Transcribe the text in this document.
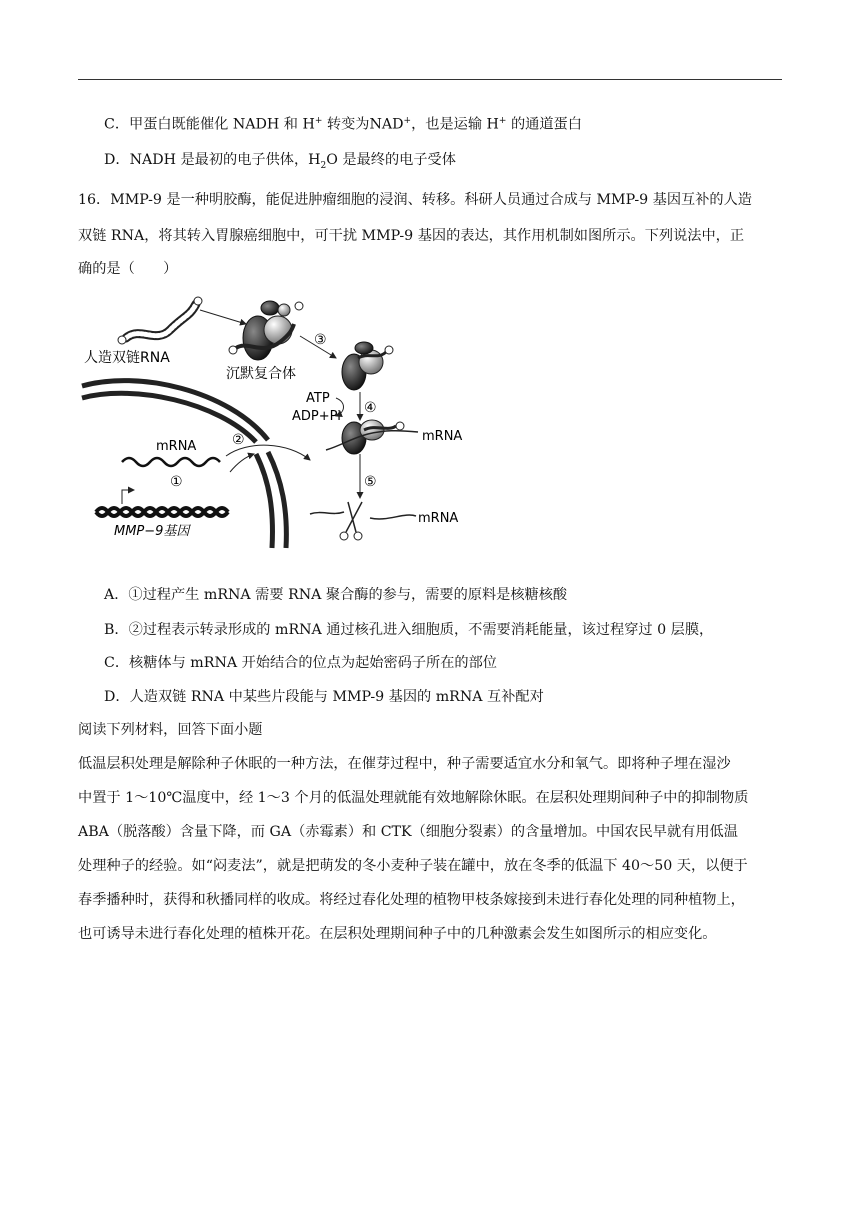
C．甲蛋白既能催化 NADH 和 H+ 转变为NAD+，也是运输 H+ 的通道蛋白
D．NADH 是最初的电子供体，$H_2O$ 是最终的电子受体
16．MMP-9 是一种明胶酶，能促进肿瘤细胞的浸润、转移。科研人员通过合成与 MMP-9 基因互补的人造
双链 RNA，将其转入胃腺癌细胞中，可干扰 MMP-9 基因的表达，其作用机制如图所示。下列说法中，正
确的是（　　）
人造双链RNA
沉默复合体
③
ATP
ADP+Pi
④
mRNA
⑤
mRNA
mRNA
①
②
MMP−9基因
A．①过程产生 mRNA 需要 RNA 聚合酶的参与，需要的原料是核糖核酸
B．②过程表示转录形成的 mRNA 通过核孔进入细胞质，不需要消耗能量，该过程穿过 0 层膜，
C．核糖体与 mRNA 开始结合的位点为起始密码子所在的部位
D．人造双链 RNA 中某些片段能与 MMP-9 基因的 mRNA 互补配对
阅读下列材料，回答下面小题
低温层积处理是解除种子休眠的一种方法，在催芽过程中，种子需要适宜水分和氧气。即将种子埋在湿沙
中置于 1～10℃温度中，经 1～3 个月的低温处理就能有效地解除休眠。在层积处理期间种子中的抑制物质
ABA（脱落酸）含量下降，而 GA（赤霉素）和 CTK（细胞分裂素）的含量增加。中国农民早就有用低温
处理种子的经验。如“闷麦法”，就是把萌发的冬小麦种子装在罐中，放在冬季的低温下 40～50 天，以便于
春季播种时，获得和秋播同样的收成。将经过春化处理的植物甲枝条嫁接到未进行春化处理的同种植物上，
也可诱导未进行春化处理的植株开花。在层积处理期间种子中的几种激素会发生如图所示的相应变化。
